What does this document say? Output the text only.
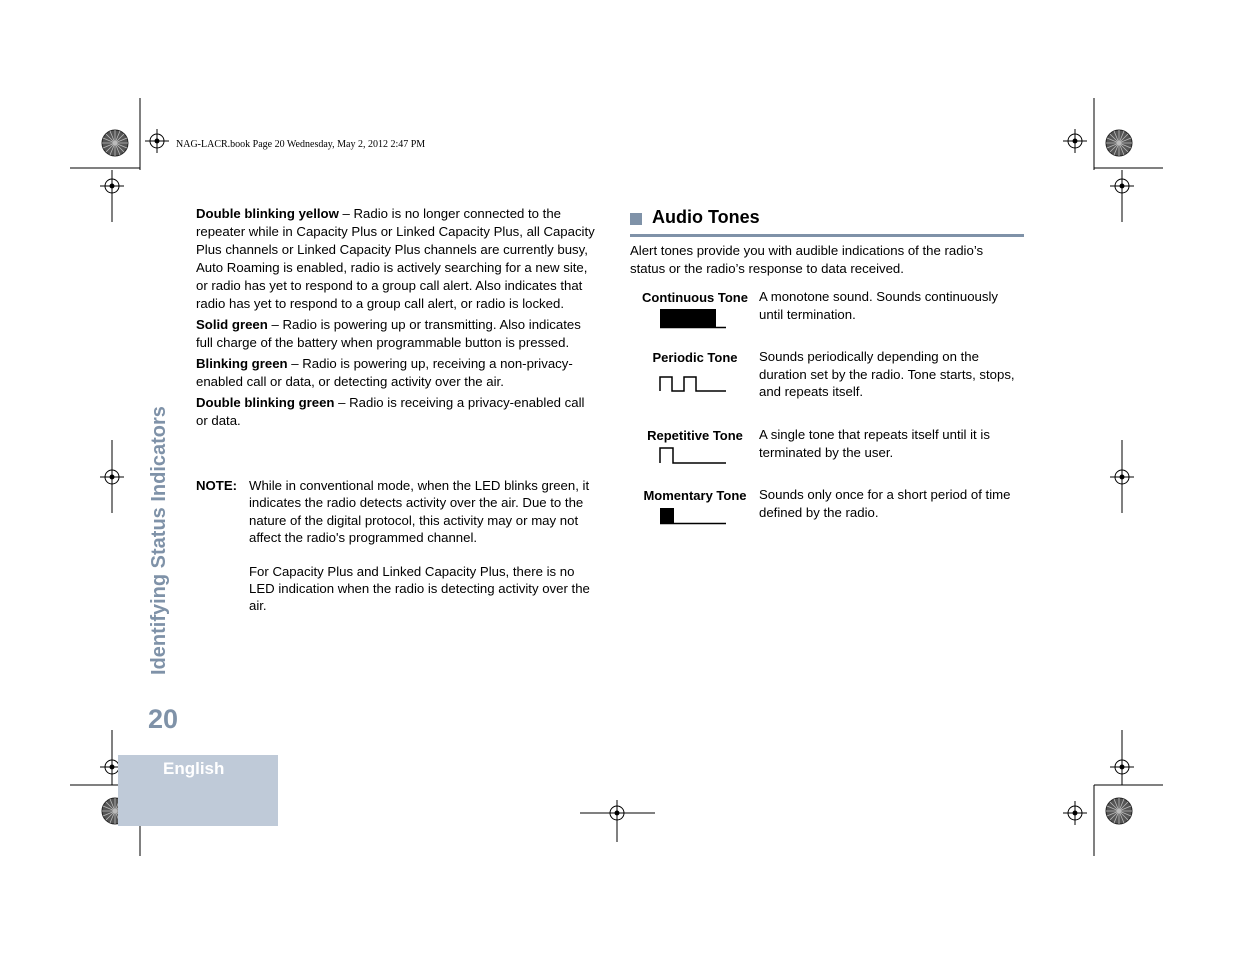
NAG-LACR.book Page 20 Wednesday, May 2, 2012 2:47 PM
Identifying Status Indicators
20
English

Double blinking yellow – Radio is no longer connected to the repeater while in Capacity Plus or Linked Capacity Plus, all Capacity Plus channels or Linked Capacity Plus channels are currently busy, Auto Roaming is enabled, radio is actively searching for a new site, or radio has yet to respond to a group call alert. Also indicates that radio has yet to respond to a group call alert, or radio is locked.

Solid green – Radio is powering up or transmitting. Also indicates full charge of the battery when programmable button is pressed.

Blinking green – Radio is powering up, receiving a non-privacy-enabled call or data, or detecting activity over the air.

Double blinking green – Radio is receiving a privacy-enabled call or data.

NOTE: While in conventional mode, when the LED blinks green, it indicates the radio detects activity over the air. Due to the nature of the digital protocol, this activity may or may not affect the radio's programmed channel.

For Capacity Plus and Linked Capacity Plus, there is no LED indication when the radio is detecting activity over the air.

Audio Tones
Alert tones provide you with audible indications of the radio’s status or the radio’s response to data received.
Continuous Tone A monotone sound. Sounds continuously until termination.
Periodic Tone	Sounds periodically depending on the duration set by the radio. Tone starts, stops, and repeats itself.
Repetitive Tone	A single tone that repeats itself until it is terminated by the user.
Momentary Tone Sounds only once for a short period of time defined by the radio.
